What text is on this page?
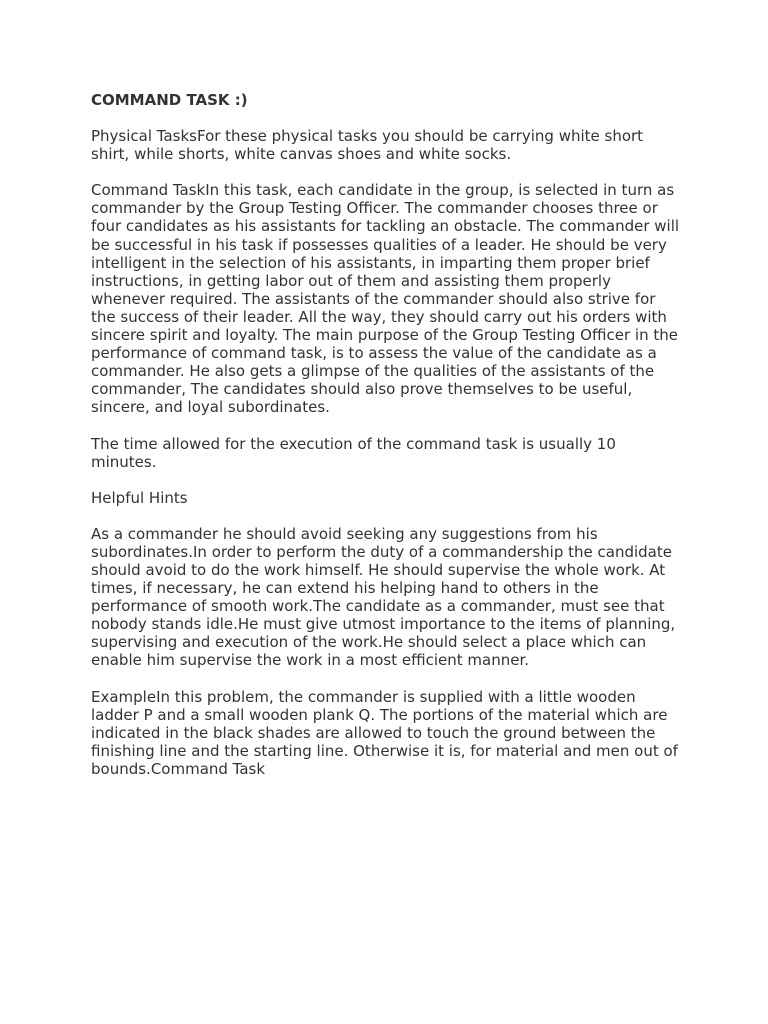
COMMAND TASK :)

Physical TasksFor these physical tasks you should be carrying white short shirt, while shorts, white canvas shoes and white socks.

Command TaskIn this task, each candidate in the group, is selected in turn as commander by the Group Testing Officer. The commander chooses three or four candidates as his assistants for tackling an obstacle. The commander will be successful in his task if possesses qualities of a leader. He should be very intelligent in the selection of his assistants, in imparting them proper brief instructions, in getting labor out of them and assisting them properly whenever required. The assistants of the commander should also strive for the success of their leader. All the way, they should carry out his orders with sincere spirit and loyalty. The main purpose of the Group Testing Officer in the performance of command task, is to assess the value of the candidate as a commander. He also gets a glimpse of the qualities of the assistants of the commander, The candidates should also prove themselves to be useful, sincere, and loyal subordinates.

The time allowed for the execution of the command task is usually 10 minutes.

Helpful Hints

As a commander he should avoid seeking any suggestions from his subordinates.In order to perform the duty of a commandership the candidate should avoid to do the work himself. He should supervise the whole work. At times, if necessary, he can extend his helping hand to others in the performance of smooth work.The candidate as a commander, must see that nobody stands idle.He must give utmost importance to the items of planning, supervising and execution of the work.He should select a place which can enable him supervise the work in a most efficient manner.

ExampleIn this problem, the commander is supplied with a little wooden ladder P and a small wooden plank Q. The portions of the material which are indicated in the black shades are allowed to touch the ground between the finishing line and the starting line. Otherwise it is, for material and men out of bounds.Command Task
